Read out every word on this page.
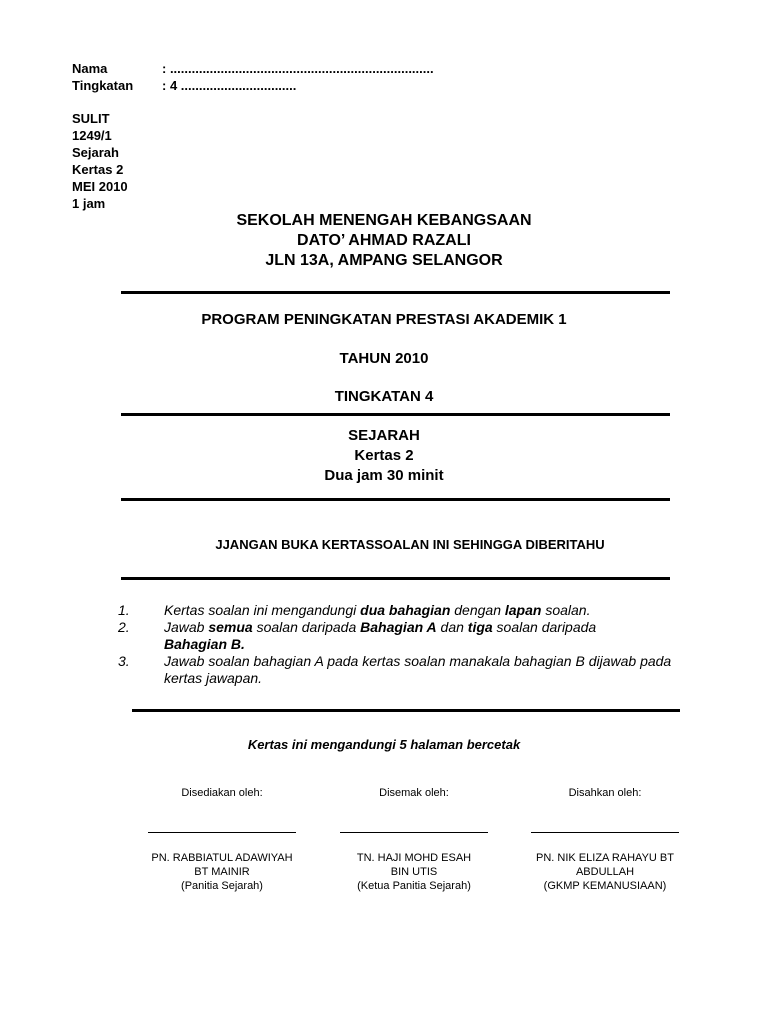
Nama	: .........................................................................
Tingkatan : 4 ................................
SULIT
1249/1
Sejarah
Kertas 2
MEI 2010
1 jam
SEKOLAH MENENGAH KEBANGSAAN
DATO’ AHMAD RAZALI
JLN 13A, AMPANG SELANGOR
PROGRAM PENINGKATAN PRESTASI AKADEMIK 1
TAHUN 2010
TINGKATAN 4
SEJARAH
Kertas 2
Dua jam 30 minit
JJANGAN BUKA KERTASSOALAN INI SEHINGGA DIBERITAHU
1.	Kertas soalan ini mengandungi dua bahagian dengan lapan soalan.
2.	Jawab semua soalan daripada Bahagian A dan tiga soalan daripada
Bahagian B.
3.	Jawab soalan bahagian A pada kertas soalan manakala bahagian B dijawab pada kertas jawapan.
Kertas ini mengandungi 5 halaman bercetak
Disediakan oleh:
PN. RABBIATUL ADAWIYAH
BT MAINIR
(Panitia Sejarah)
Disemak oleh:
TN. HAJI MOHD ESAH
BIN UTIS
(Ketua Panitia Sejarah)
Disahkan oleh:
PN. NIK ELIZA RAHAYU BT
ABDULLAH
(GKMP KEMANUSIAAN)
